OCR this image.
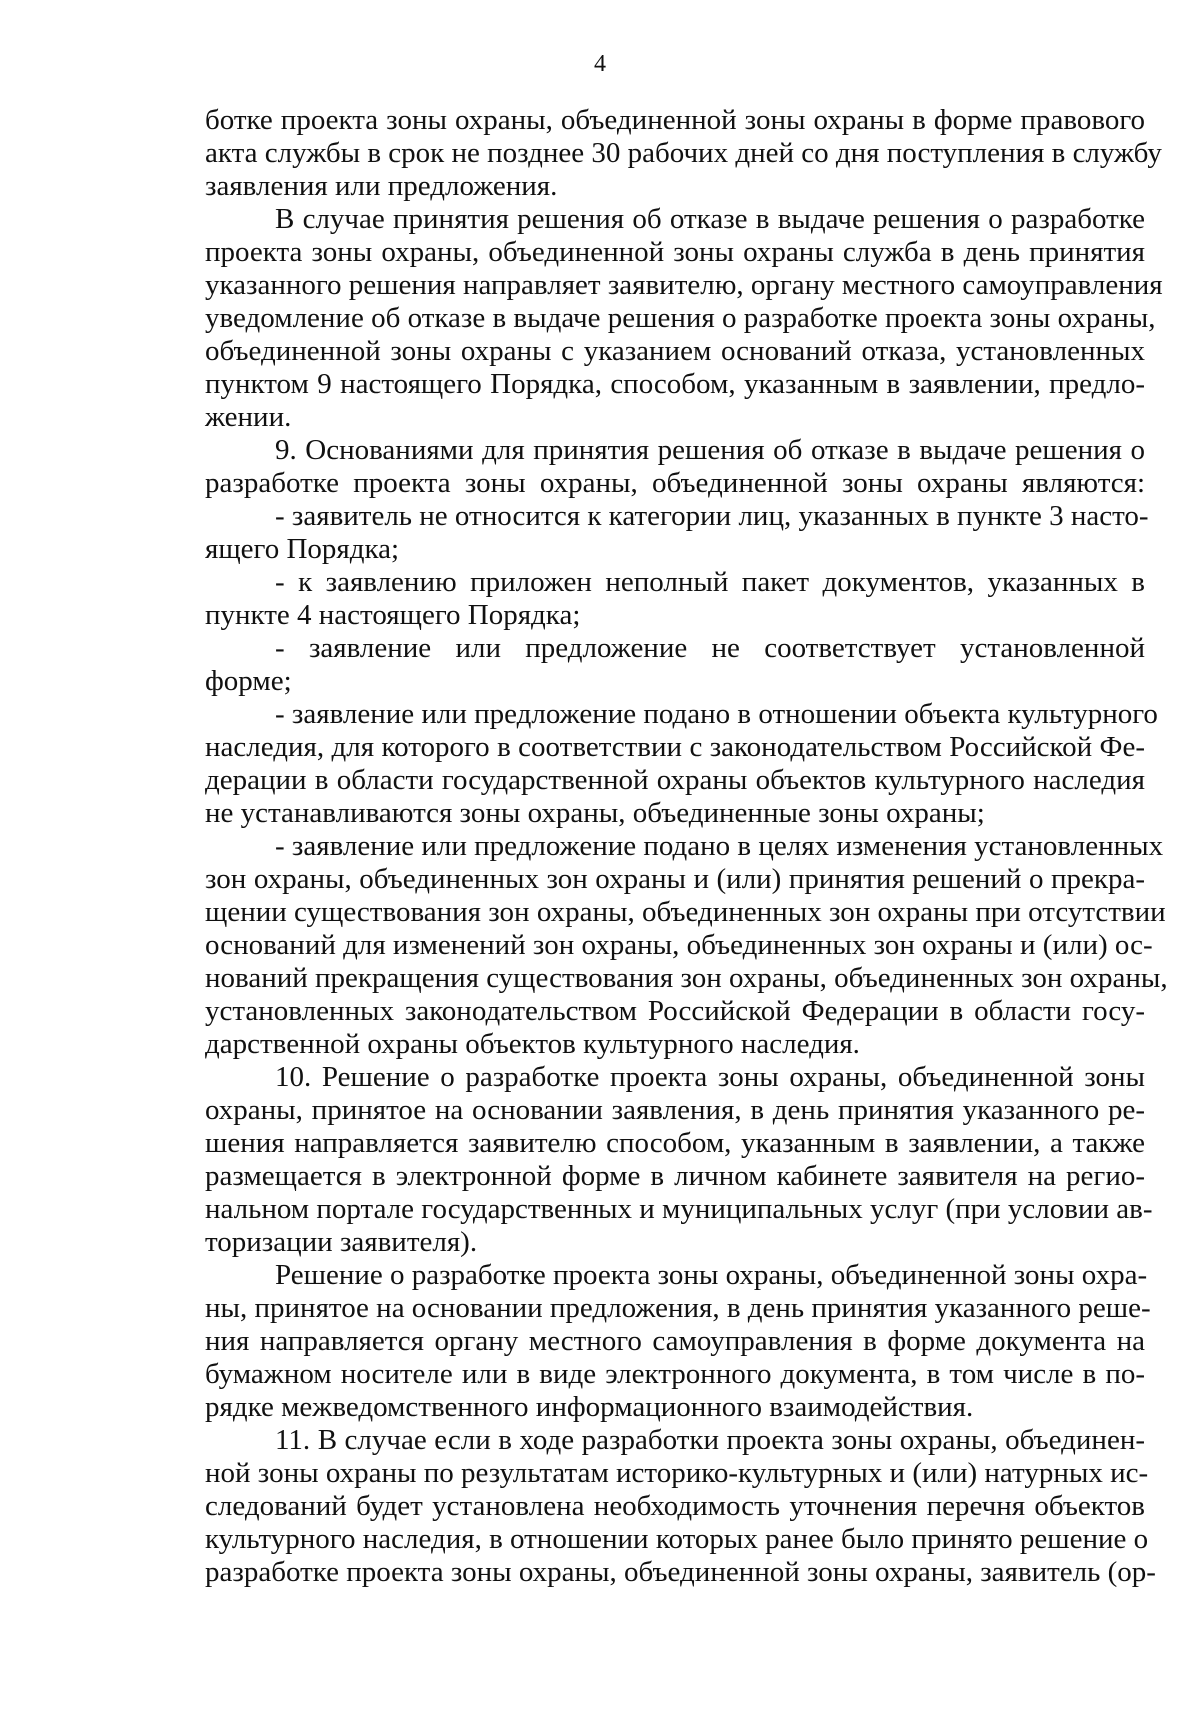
4
ботке проекта зоны охраны, объединенной зоны охраны в форме правового
акта службы в срок не позднее 30 рабочих дней со дня поступления в службу
заявления или предложения.
В случае принятия решения об отказе в выдаче решения о разработке
проекта зоны охраны, объединенной зоны охраны служба в день принятия
указанного решения направляет заявителю, органу местного самоуправления
уведомление об отказе в выдаче решения о разработке проекта зоны охраны,
объединенной зоны охраны с указанием оснований отказа, установленных
пунктом 9 настоящего Порядка, способом, указанным в заявлении, предло-
жении.
9. Основаниями для принятия решения об отказе в выдаче решения о
разработке проекта зоны охраны, объединенной зоны охраны являются:
- заявитель не относится к категории лиц, указанных в пункте 3 насто-
ящего Порядка;
- к заявлению приложен неполный пакет документов, указанных в
пункте 4 настоящего Порядка;
- заявление или предложение не соответствует установленной
форме;
- заявление или предложение подано в отношении объекта культурного
наследия, для которого в соответствии с законодательством Российской Фе-
дерации в области государственной охраны объектов культурного наследия
не устанавливаются зоны охраны, объединенные зоны охраны;
- заявление или предложение подано в целях изменения установленных
зон охраны, объединенных зон охраны и (или) принятия решений о прекра-
щении существования зон охраны, объединенных зон охраны при отсутствии
оснований для изменений зон охраны, объединенных зон охраны и (или) ос-
нований прекращения существования зон охраны, объединенных зон охраны,
установленных законодательством Российской Федерации в области госу-
дарственной охраны объектов культурного наследия.
10. Решение о разработке проекта зоны охраны, объединенной зоны
охраны, принятое на основании заявления, в день принятия указанного ре-
шения направляется заявителю способом, указанным в заявлении, а также
размещается в электронной форме в личном кабинете заявителя на регио-
нальном портале государственных и муниципальных услуг (при условии ав-
торизации заявителя).
Решение о разработке проекта зоны охраны, объединенной зоны охра-
ны, принятое на основании предложения, в день принятия указанного реше-
ния направляется органу местного самоуправления в форме документа на
бумажном носителе или в виде электронного документа, в том числе в по-
рядке межведомственного информационного взаимодействия.
11. В случае если в ходе разработки проекта зоны охраны, объединен-
ной зоны охраны по результатам историко-культурных и (или) натурных ис-
следований будет установлена необходимость уточнения перечня объектов
культурного наследия, в отношении которых ранее было принято решение о
разработке проекта зоны охраны, объединенной зоны охраны, заявитель (ор-
